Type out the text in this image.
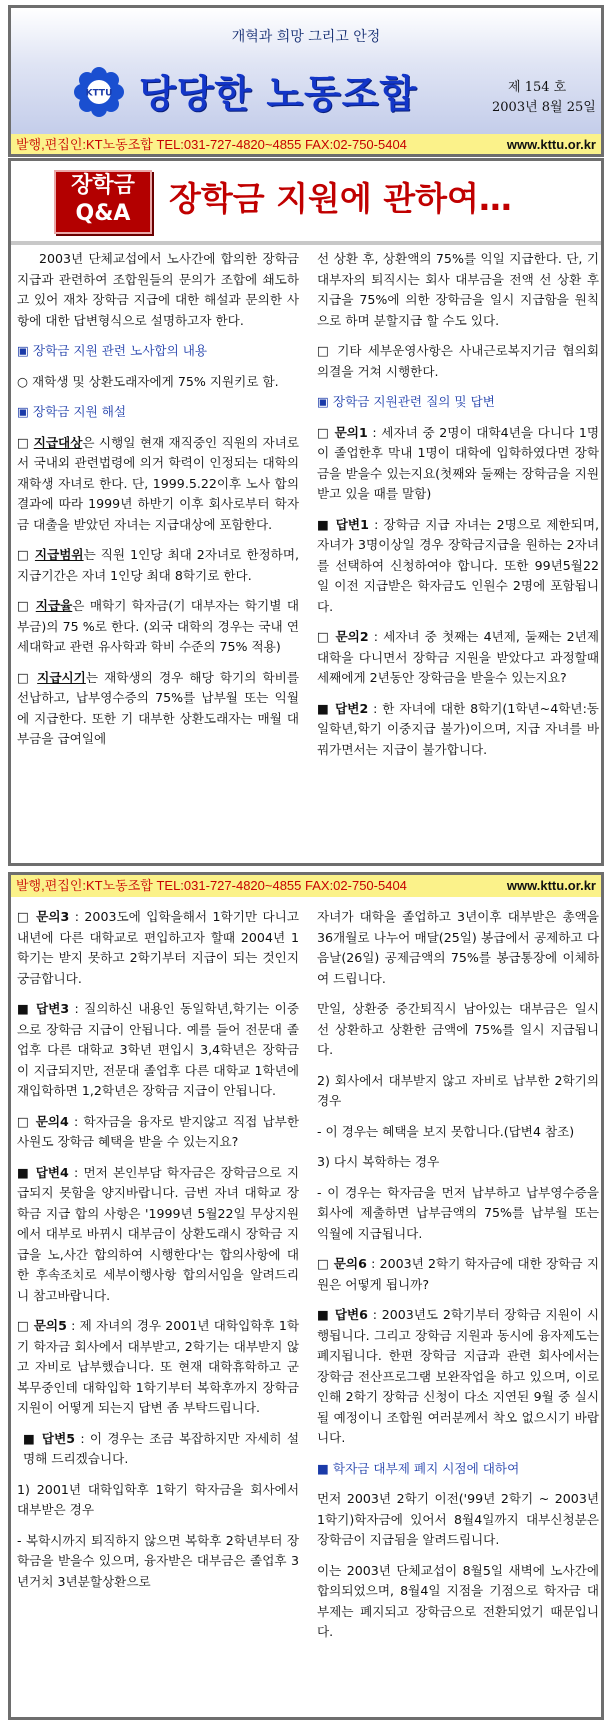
개혁과 희망 그리고 안정
KTTU 당당한 노동조합	제 154 호
2003년 8월 25일
발행,편집인:KT노동조합 TEL:031-727-4820~4855 FAX:02-750-5404	www.kttu.or.kr
장학금
Q&A	장학금 지원에 관하여…

2003년 단체교섭에서 노사간에 합의한 장학금 지급과 관련하여 조합원들의 문의가 조합에 쇄도하고 있어 재차 장학금 지급에 대한 해설과 문의한 사항에 대한 답변형식으로 설명하고자 한다.

▣ 장학금 지원 관련 노사합의 내용

○ 재학생 및 상환도래자에게 75% 지원키로 함.

▣ 장학금 지원 해설

□ 지급대상은 시행일 현재 재직중인 직원의 자녀로서 국내외 관련법령에 의거 학력이 인정되는 대학의 재학생 자녀로 한다. 단, 1999.5.22이후 노사 합의 결과에 따라 1999년 하반기 이후 회사로부터 학자금 대출을 받았던 자녀는 지급대상에 포함한다.

□ 지급범위는 직원 1인당 최대 2자녀로 한정하며, 지급기간은 자녀 1인당 최대 8학기로 한다.

□ 지급율은 매학기 학자금(기 대부자는 학기별 대부금)의 75 %로 한다. (외국 대학의 경우는 국내 연세대학교 관련 유사학과 학비 수준의 75% 적용)

□ 지급시기는 재학생의 경우 해당 학기의 학비를 선납하고, 납부영수증의 75%를 납부월 또는 익월에 지급한다. 또한 기 대부한 상환도래자는 매월 대부금을 급여일에

선 상환 후, 상환액의 75%를 익일 지급한다. 단, 기 대부자의 퇴직시는 회사 대부금을 전액 선 상환 후 지급을 75%에 의한 장학금을 일시 지급함을 원칙으로 하며 분할지급 할 수도 있다.

□ 기타 세부운영사항은 사내근로복지기금 협의회 의결을 거쳐 시행한다.

▣ 장학금 지원관련 질의 및 답변

□ 문의1 : 세자녀 중 2명이 대학4년을 다니다 1명이 졸업한후 막내 1명이 대학에 입학하였다면 장학금을 받을수 있는지요(첫째와 둘째는 장학금을 지원받고 있을 때를 말함)

■ 답변1 : 장학금 지급 자녀는 2명으로 제한되며, 자녀가 3명이상일 경우 장학금지급을 원하는 2자녀를 선택하여 신청하여야 합니다. 또한 99년5월22일 이전 지급받은 학자금도 인원수 2명에 포함됩니다.

□ 문의2 : 세자녀 중 첫째는 4년제, 둘째는 2년제 대학을 다니면서 장학금 지원을 받았다고 과정할때 세째에게 2년동안 장학금을 받을수 있는지요?

■ 답변2 : 한 자녀에 대한 8학기(1학년~4학년:동일학년,학기 이중지급 불가)이으며, 지급 자녀를 바꿔가면서는 지급이 불가합니다.

발행,편집인:KT노동조합 TEL:031-727-4820~4855 FAX:02-750-5404	www.kttu.or.kr

□ 문의3 : 2003도에 입학을해서 1학기만 다니고 내년에 다른 대학교로 편입하고자 할때 2004년 1학기는 받지 못하고 2학기부터 지급이 되는 것인지 궁금합니다.

■ 답변3 : 질의하신 내용인 동일학년,학기는 이중으로 장학금 지급이 안됩니다. 예를 들어 전문대 졸업후 다른 대학교 3학년 편입시 3,4학년은 장학금이 지급되지만, 전문대 졸업후 다른 대학교 1학년에 재입학하면 1,2학년은 장학금 지급이 안됩니다.

□ 문의4 : 학자금을 융자로 받지않고 직접 납부한 사원도 장학금 혜택을 받을 수 있는지요?

■ 답변4 : 먼저 본인부담 학자금은 장학금으로 지급되지 못함을 양지바랍니다. 금번 자녀 대학교 장학금 지급 합의 사항은 '1999년 5월22일 무상지원에서 대부로 바뀌시 대부금이 상환도래시 장학금 지급을 노,사간 합의하여 시행한다'는 합의사항에 대한 후속조치로 세부이행사항 합의서임을 알려드리니 참고바랍니다.

□ 문의5 : 제 자녀의 경우 2001년 대학입학후 1학기 학자금 회사에서 대부받고, 2학기는 대부받지 않고 자비로 납부했습니다. 또 현재 대학휴학하고 군복무중인데 대학입학 1학기부터 복학후까지 장학금 지원이 어떻게 되는지 답변 좀 부탁드립니다.

■ 답변5 : 이 경우는 조금 복잡하지만 자세히 설명해 드리겠습니다.

1) 2001년 대학입학후 1학기 학자금을 회사에서 대부받은 경우

- 복학시까지 퇴직하지 않으면 복학후 2학년부터 장학금을 받을수 있으며, 융자받은 대부금은 졸업후 3년거치 3년분할상환으로

자녀가 대학을 졸업하고 3년이후 대부받은 총액을 36개월로 나누어 매달(25일) 봉급에서 공제하고 다음날(26일) 공제금액의 75%를 봉급통장에 이체하여 드립니다.

만일, 상환중 중간퇴직시 남아있는 대부금은 일시 선 상환하고 상환한 금액에 75%를 일시 지급됩니다.

2) 회사에서 대부받지 않고 자비로 납부한 2학기의 경우

- 이 경우는 혜택을 보지 못합니다.(답변4 참조)

3) 다시 복학하는 경우

- 이 경우는 학자금을 먼저 납부하고 납부영수증을 회사에 제출하면 납부금액의 75%를 납부월 또는 익월에 지급됩니다.

□ 문의6 : 2003년 2학기 학자금에 대한 장학금 지원은 어떻게 됩니까?

■ 답변6 : 2003년도 2학기부터 장학금 지원이 시행됩니다. 그리고 장학금 지원과 동시에 융자제도는 폐지됩니다. 한편 장학금 지급과 관련 회사에서는 장학금 전산프로그램 보완작업을 하고 있으며, 이로인해 2학기 장학금 신청이 다소 지연된 9월 중 실시될 예정이니 조합원 여러분께서 착오 없으시기 바랍니다.

■ 학자금 대부제 폐지 시점에 대하여

먼저 2003년 2학기 이전('99년 2학기 ~ 2003년 1학기)학자금에 있어서 8월4일까지 대부신청분은 장학금이 지급됨을 알려드립니다.

이는 2003년 단체교섭이 8월5일 새벽에 노사간에 합의되었으며, 8월4일 지점을 기점으로 학자금 대부제는 폐지되고 장학금으로 전환되었기 때문입니다.
